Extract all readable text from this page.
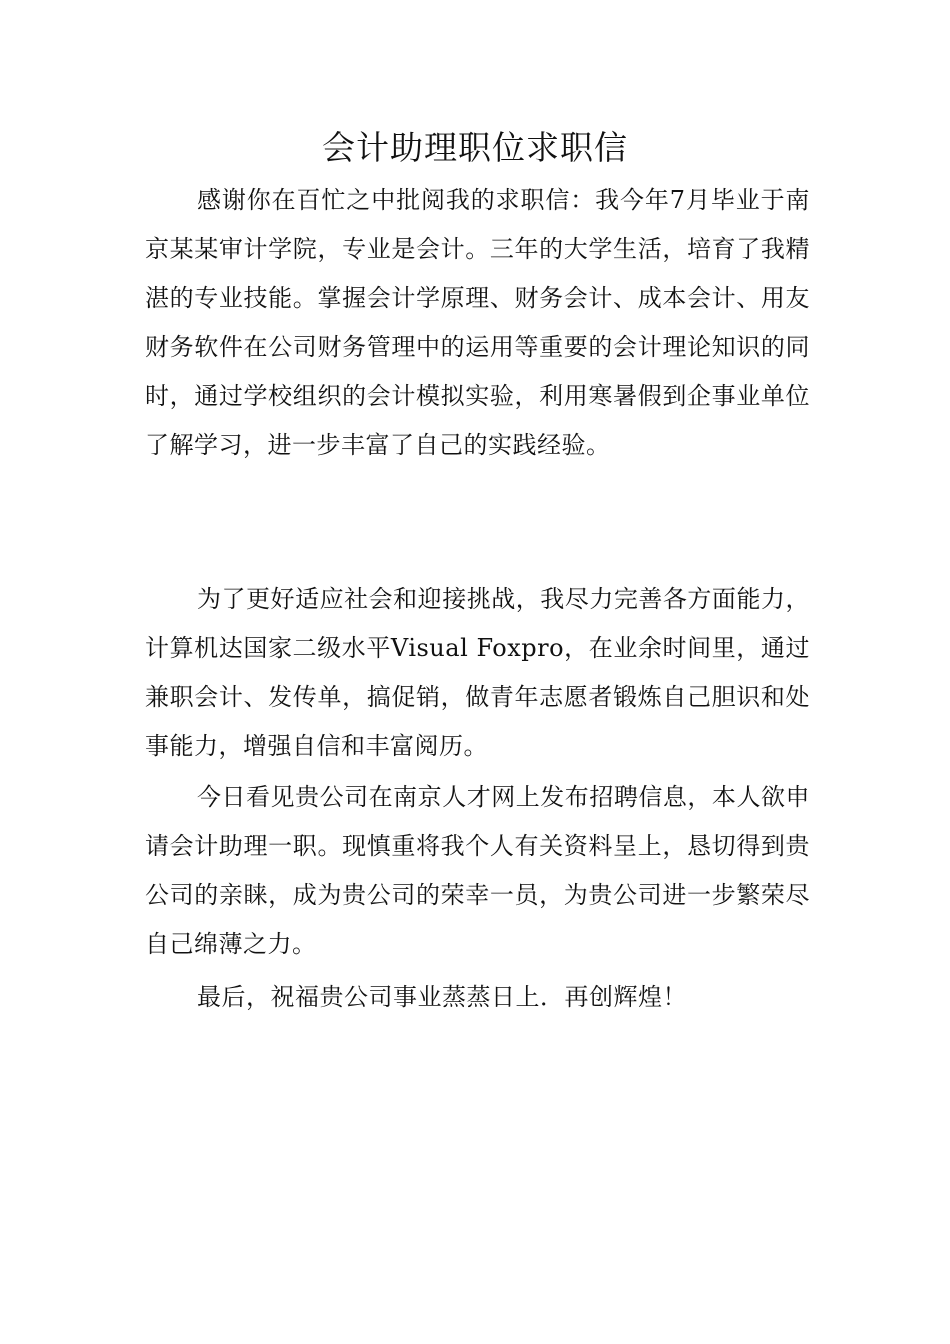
会计助理职位求职信

感谢你在百忙之中批阅我的求职信：我今年7月毕业于南京某某审计学院，专业是会计。三年的大学生活，培育了我精湛的专业技能。掌握会计学原理、财务会计、成本会计、用友财务软件在公司财务管理中的运用等重要的会计理论知识的同时，通过学校组织的会计模拟实验，利用寒暑假到企事业单位了解学习，进一步丰富了自己的实践经验。

为了更好适应社会和迎接挑战，我尽力完善各方面能力，计算机达国家二级水平Visual Foxpro，在业余时间里，通过兼职会计、发传单，搞促销，做青年志愿者锻炼自己胆识和处事能力，增强自信和丰富阅历。

今日看见贵公司在南京人才网上发布招聘信息，本人欲申请会计助理一职。现慎重将我个人有关资料呈上，恳切得到贵公司的亲睐，成为贵公司的荣幸一员，为贵公司进一步繁荣尽自己绵薄之力。

最后，祝福贵公司事业蒸蒸日上．再创辉煌！
